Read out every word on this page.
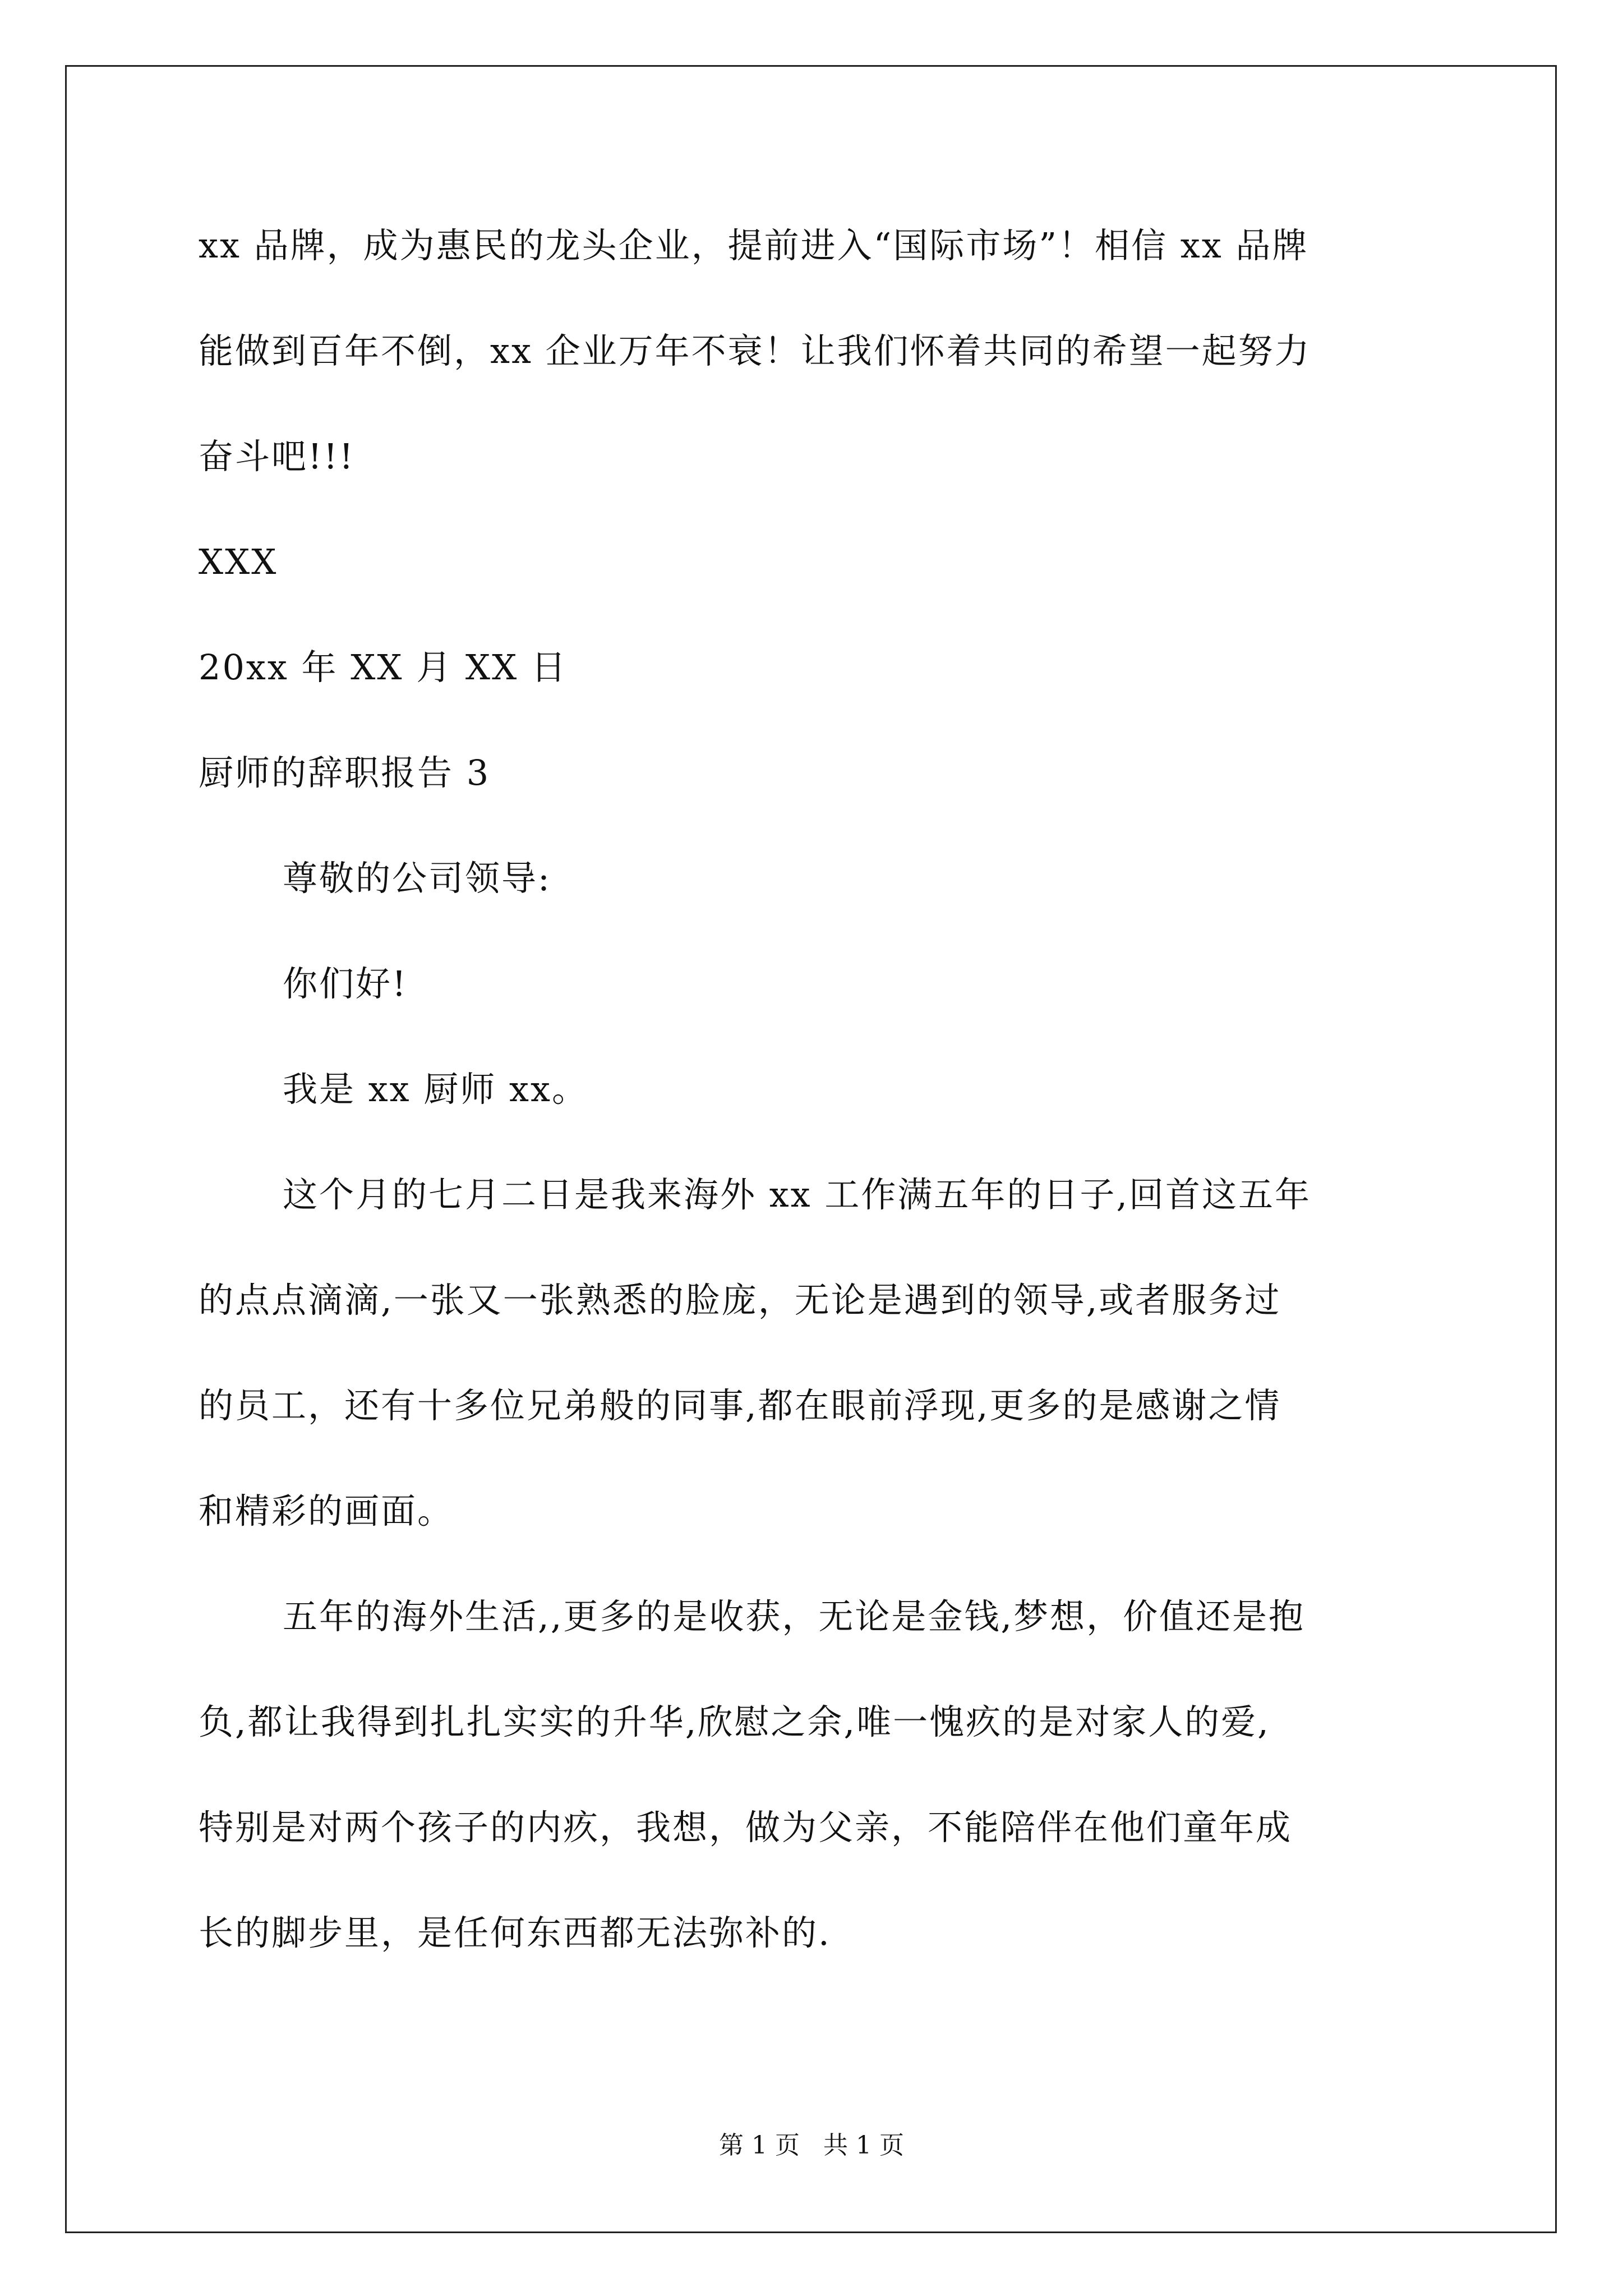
xx 品牌，成为惠民的龙头企业，提前进入“国际市场”！相信 xx 品牌
能做到百年不倒，xx 企业万年不衰！让我们怀着共同的希望一起努力
奋斗吧!!!
XXX
20xx 年 XX 月 XX 日
厨师的辞职报告 3
尊敬的公司领导:
你们好!
我是 xx 厨师 xx。
这个月的七月二日是我来海外 xx 工作满五年的日子,回首这五年
的点点滴滴,一张又一张熟悉的脸庞，无论是遇到的领导,或者服务过
的员工，还有十多位兄弟般的同事,都在眼前浮现,更多的是感谢之情
和精彩的画面。
五年的海外生活,,更多的是收获，无论是金钱,梦想，价值还是抱
负,都让我得到扎扎实实的升华,欣慰之余,唯一愧疚的是对家人的爱,
特别是对两个孩子的内疚，我想，做为父亲，不能陪伴在他们童年成
长的脚步里，是任何东西都无法弥补的.
第 1 页   共 1 页
